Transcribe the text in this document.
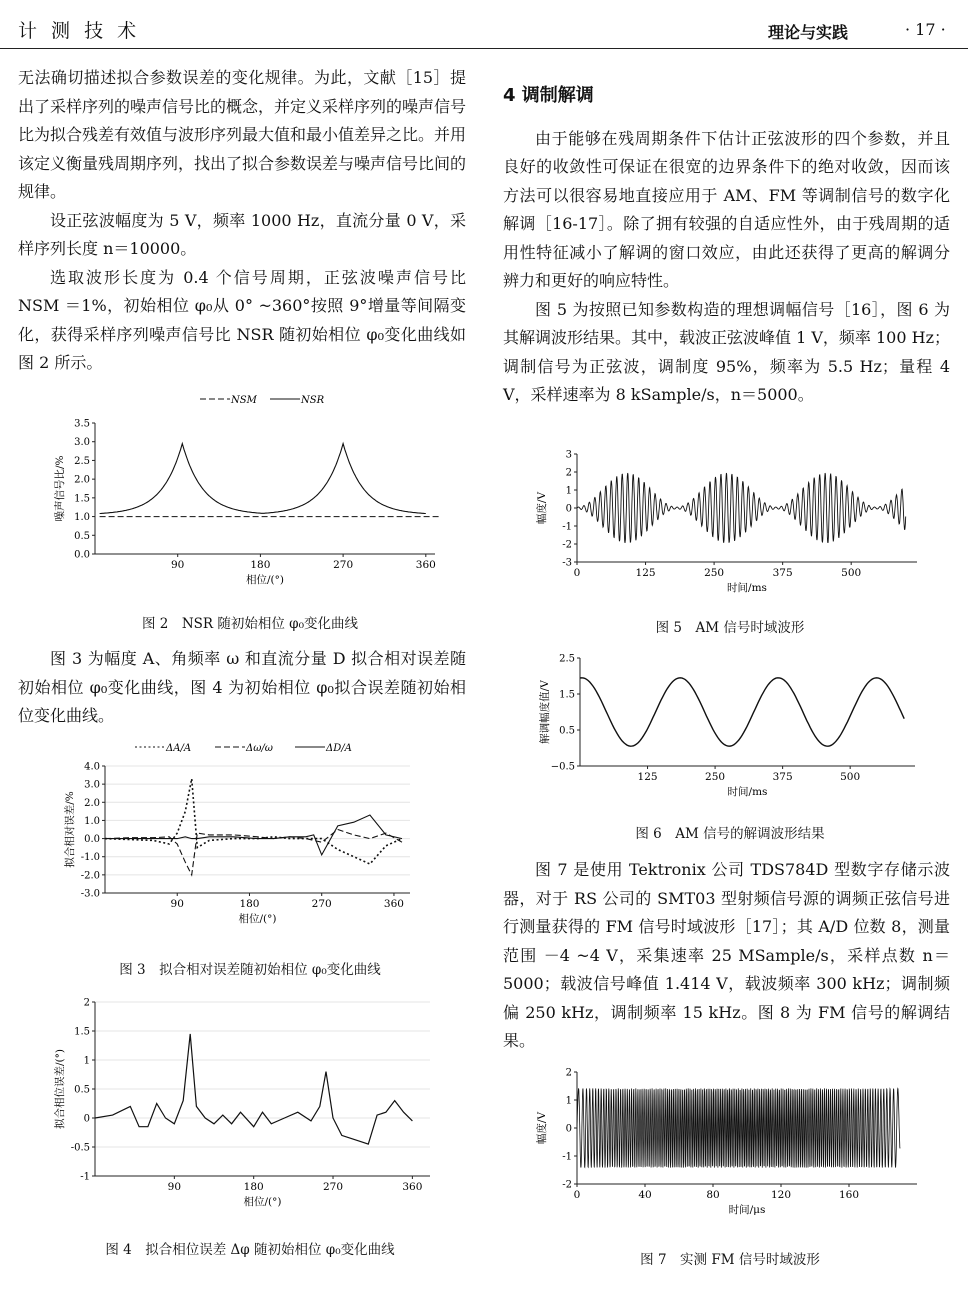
计 测 技 术	理论与实践	· 17 ·

无法确切描述拟合参数误差的变化规律。为此，文献［15］提出了采样序列的噪声信号比的概念，并定义采样序列的噪声信号比为拟合残差有效值与波形序列最大值和最小值差异之比。并用该定义衡量残周期序列，找出了拟合参数误差与噪声信号比间的规律。

设正弦波幅度为 5 V，频率 1000 Hz，直流分量 0 V，采样序列长度 n＝10000。

选取波形长度为 0.4 个信号周期，正弦波噪声信号比 NSM ＝1%，初始相位 φ₀从 0° ~360°按照 9°增量等间隔变化，获得采样序列噪声信号比 NSR 随初始相位 φ₀变化曲线如图 2 所示。

0.0
0.5
1.0
1.5
2.0
2.5
3.0
3.5
90	180	270	360
相位/(°)
噪声信号比/%
NSM	NSR
图 2　NSR 随初始相位 φ₀变化曲线

图 3 为幅度 A、角频率 ω 和直流分量 D 拟合相对误差随初始相位 φ₀变化曲线，图 4 为初始相位 φ₀拟合误差随初始相位变化曲线。

4.0
3.0
2.0
1.0
0.0
-1.0
-2.0
-3.0
90	180	270	360
相位/(°)
拟合相对误差/%
ΔA/A	Δω/ω	ΔD/A
图 3　拟合相对误差随初始相位 φ₀变化曲线
2
1.5
1
0.5
0
-0.5
-1
90	180	270	360
相位/(°)
拟合相位误差/(°)
图 4　拟合相位误差 Δφ 随初始相位 φ₀变化曲线

4 调制解调

由于能够在残周期条件下估计正弦波形的四个参数，并且良好的收敛性可保证在很宽的边界条件下的绝对收敛，因而该方法可以很容易地直接应用于 AM、FM 等调制信号的数字化解调［16-17］。除了拥有较强的自适应性外，由于残周期的适用性特征减小了解调的窗口效应，由此还获得了更高的解调分辨力和更好的响应特性。

图 5 为按照已知参数构造的理想调幅信号［16］，图 6 为其解调波形结果。其中，载波正弦波峰值 1 V，频率 100 Hz；调制信号为正弦波，调制度 95%，频率为 5.5 Hz；量程 4 V，采样速率为 8 kSample/s，n＝5000。

3
2
1
0
-1
-2
-3
0	125	250	375	500
时间/ms
幅度/V
图 5　AM 信号时域波形
2.5
1.5
0.5
−0.5
125	250	375	500
时间/ms
解调幅度值/V
图 6　AM 信号的解调波形结果

图 7 是使用 Tektronix 公司 TDS784D 型数字存储示波器，对于 RS 公司的 SMT03 型射频信号源的调频正弦信号进行测量获得的 FM 信号时域波形［17］；其 A/D 位数 8，测量范围 －4 ~4 V，采集速率 25 MSample/s，采样点数 n＝5000；载波信号峰值 1.414 V，载波频率 300 kHz；调制频偏 250 kHz，调制频率 15 kHz。图 8 为 FM 信号的解调结果。

2
1
0
-1
-2
0	40	80	120	160
时间/μs
幅度/V
图 7　实测 FM 信号时域波形
